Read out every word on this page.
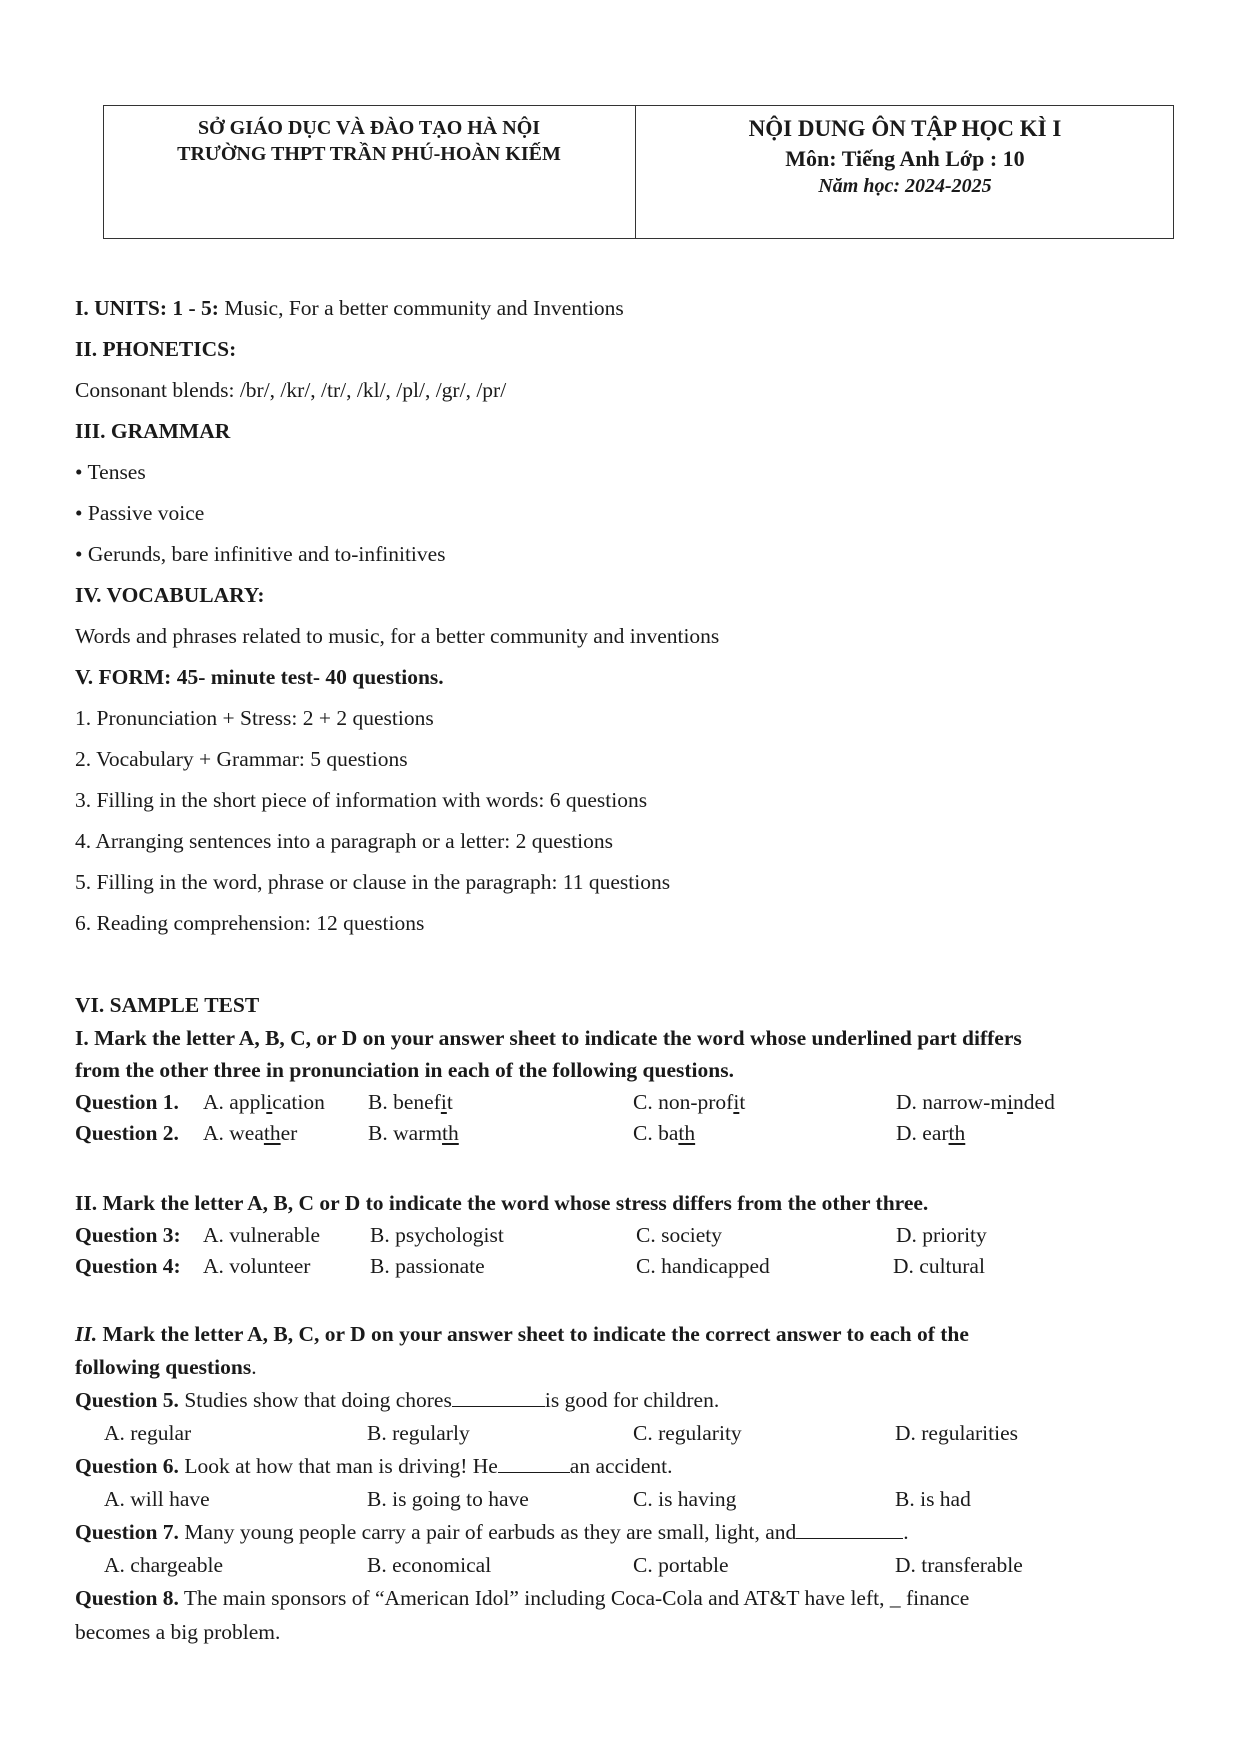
SỞ GIÁO DỤC VÀ ĐÀO TẠO HÀ NỘI
TRƯỜNG THPT TRẦN PHÚ-HOÀN KIẾM
NỘI DUNG ÔN TẬP HỌC KÌ I
Môn: Tiếng Anh Lớp : 10
Năm học: 2024-2025
I. UNITS: 1 - 5: Music, For a better community and Inventions
II. PHONETICS:
Consonant blends: /br/, /kr/, /tr/, /kl/, /pl/, /gr/, /pr/
III. GRAMMAR
• Tenses
• Passive voice
• Gerunds, bare infinitive and to-infinitives
IV. VOCABULARY:
Words and phrases related to music, for a better community and inventions
V. FORM: 45- minute test- 40 questions.
1. Pronunciation + Stress: 2 + 2 questions
2. Vocabulary + Grammar: 5 questions
3. Filling in the short piece of information with words: 6 questions
4. Arranging sentences into a paragraph or a letter: 2 questions
5. Filling in the word, phrase or clause in the paragraph: 11 questions
6. Reading comprehension: 12 questions
VI. SAMPLE TEST
I. Mark the letter A, B, C, or D on your answer sheet to indicate the word whose underlined part differs
from the other three in pronunciation in each of the following questions.
Question 1. A. application B. benefit	C. non-profit	D. narrow-minded
Question 2. A. weather	B. warmth	C. bath	D. earth
II. Mark the letter A, B, C or D to indicate the word whose stress differs from the other three.
Question 3: A. vulnerable B. psychologist	C. society	D. priority
Question 4: A. volunteer	B. passionate	C. handicapped	D. cultural
II. Mark the letter A, B, C, or D on your answer sheet to indicate the correct answer to each of the
following questions.
Question 5. Studies show that doing chores	is good for children.
A. regular	B. regularly	C. regularity	D. regularities
Question 6. Look at how that man is driving! He	an accident.
A. will have	B. is going to have	C. is having	B. is had
Question 7. Many young people carry a pair of earbuds as they are small, light, and	.
A. chargeable	B. economical	C. portable	D. transferable
Question 8. The main sponsors of “American Idol” including Coca-Cola and AT&T have left, _ finance
becomes a big problem.
